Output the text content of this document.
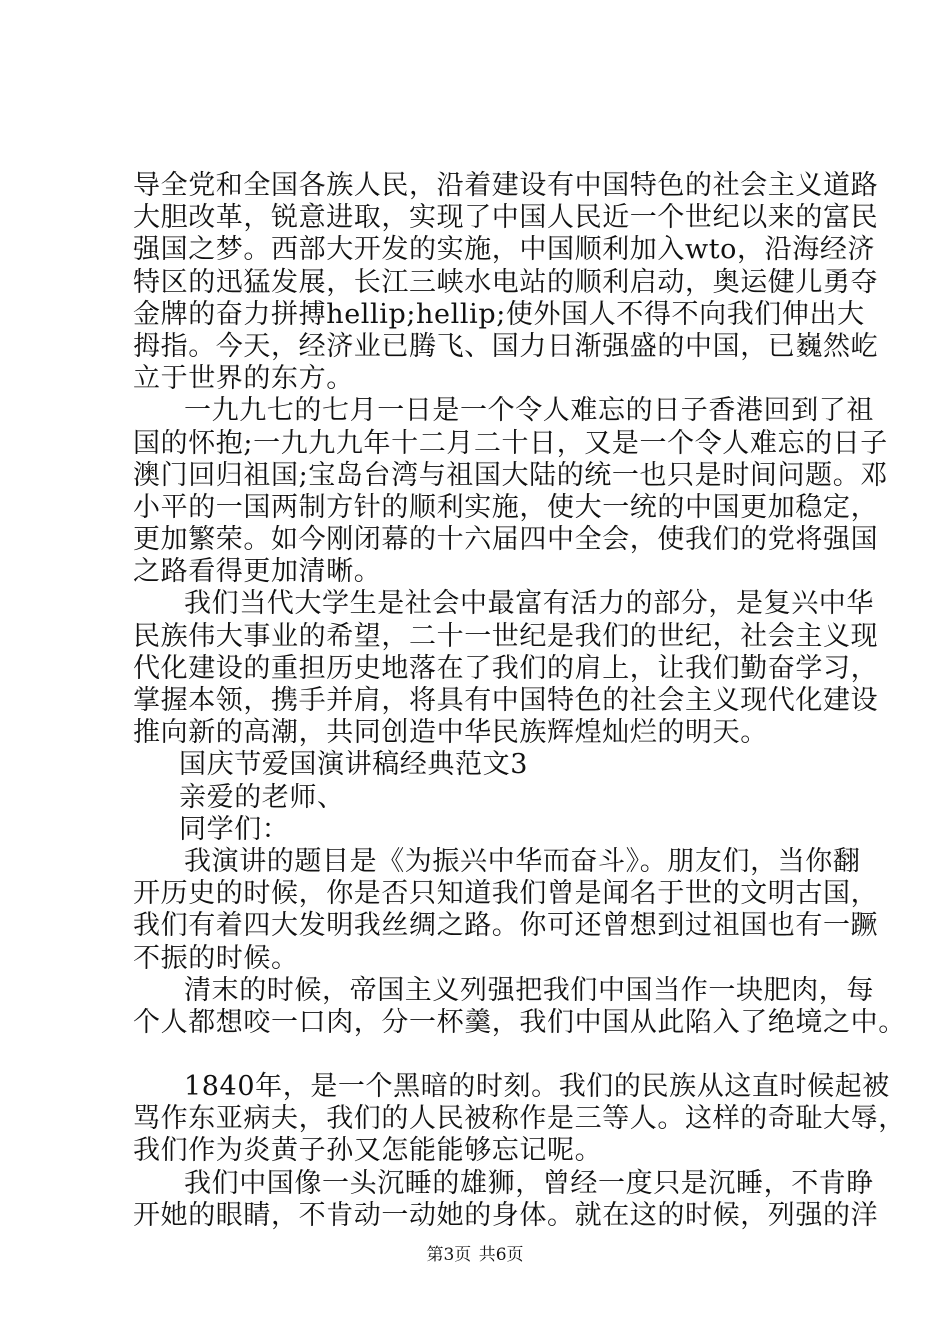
导全党和全国各族人民，沿着建设有中国特色的社会主义道路
大胆改革，锐意进取，实现了中国人民近一个世纪以来的富民
强国之梦。西部大开发的实施，中国顺利加入wto，沿海经济
特区的迅猛发展，长江三峡水电站的顺利启动，奥运健儿勇夺
金牌的奋力拼搏hellip;hellip;使外国人不得不向我们伸出大
拇指。今天，经济业已腾飞、国力日渐强盛的中国，已巍然屹
立于世界的东方。
一九九七的七月一日是一个令人难忘的日子香港回到了祖
国的怀抱;一九九九年十二月二十日，又是一个令人难忘的日子
澳门回归祖国;宝岛台湾与祖国大陆的统一也只是时间问题。邓
小平的一国两制方针的顺利实施，使大一统的中国更加稳定，
更加繁荣。如今刚闭幕的十六届四中全会，使我们的党将强国
之路看得更加清晰。
我们当代大学生是社会中最富有活力的部分，是复兴中华
民族伟大事业的希望，二十一世纪是我们的世纪，社会主义现
代化建设的重担历史地落在了我们的肩上，让我们勤奋学习，
掌握本领，携手并肩，将具有中国特色的社会主义现代化建设
推向新的高潮，共同创造中华民族辉煌灿烂的明天。
国庆节爱国演讲稿经典范文3
亲爱的老师、
同学们：
我演讲的题目是《为振兴中华而奋斗》。朋友们，当你翻
开历史的时候，你是否只知道我们曾是闻名于世的文明古国，
我们有着四大发明我丝绸之路。你可还曾想到过祖国也有一蹶
不振的时候。
清末的时候，帝国主义列强把我们中国当作一块肥肉，每
个人都想咬一口肉，分一杯羹，我们中国从此陷入了绝境之中。
1840年，是一个黑暗的时刻。我们的民族从这直时候起被
骂作东亚病夫，我们的人民被称作是三等人。这样的奇耻大辱，
我们作为炎黄子孙又怎能能够忘记呢。
我们中国像一头沉睡的雄狮，曾经一度只是沉睡，不肯睁
开她的眼睛，不肯动一动她的身体。就在这的时候，列强的洋
第3页 共6页
